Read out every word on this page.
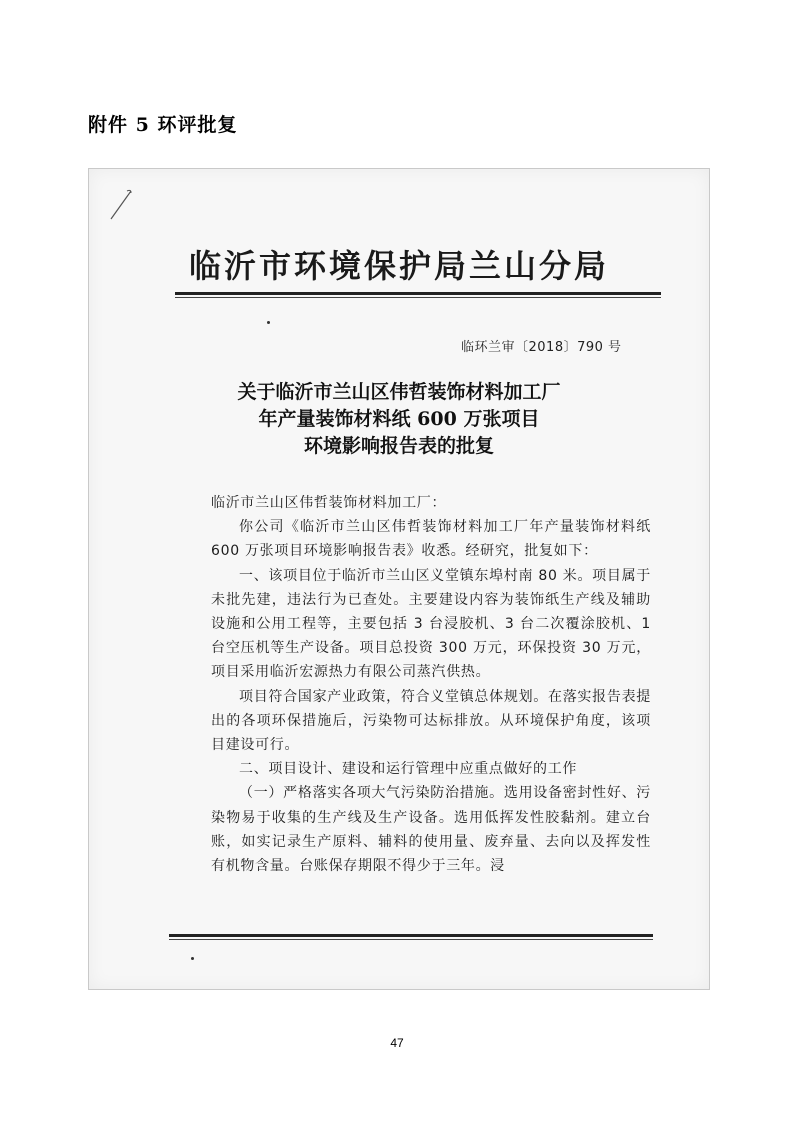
附件 5 环评批复
临沂市环境保护局兰山分局
临环兰审〔2018〕790 号
关于临沂市兰山区伟哲装饰材料加工厂
年产量装饰材料纸 600 万张项目
环境影响报告表的批复

临沂市兰山区伟哲装饰材料加工厂：

你公司《临沂市兰山区伟哲装饰材料加工厂年产量装饰材料纸 600 万张项目环境影响报告表》收悉。经研究，批复如下：

一、该项目位于临沂市兰山区义堂镇东埠村南 80 米。项目属于未批先建，违法行为已查处。主要建设内容为装饰纸生产线及辅助设施和公用工程等，主要包括 3 台浸胶机、3 台二次覆涂胶机、1 台空压机等生产设备。项目总投资 300 万元，环保投资 30 万元，项目采用临沂宏源热力有限公司蒸汽供热。

项目符合国家产业政策，符合义堂镇总体规划。在落实报告表提出的各项环保措施后，污染物可达标排放。从环境保护角度，该项目建设可行。

二、项目设计、建设和运行管理中应重点做好的工作

（一）严格落实各项大气污染防治措施。选用设备密封性好、污染物易于收集的生产线及生产设备。选用低挥发性胶黏剂。建立台账，如实记录生产原料、辅料的使用量、废弃量、去向以及挥发性有机物含量。台账保存期限不得少于三年。浸

47
